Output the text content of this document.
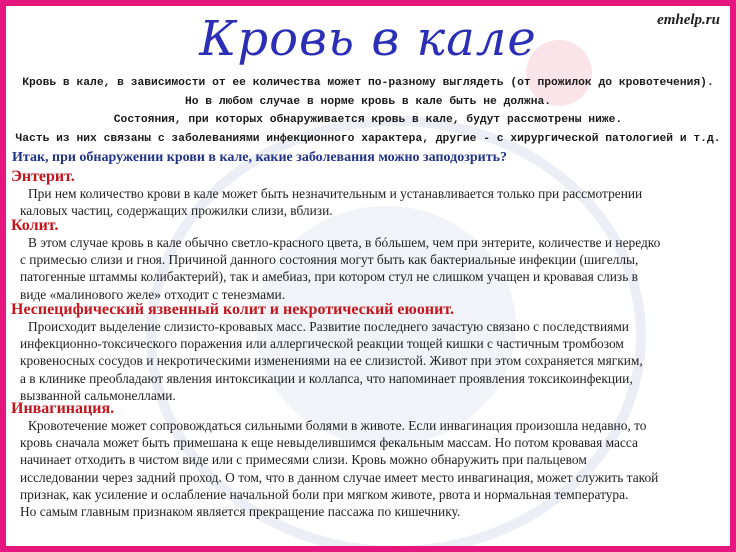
emhelp.ru
Кровь в кале
Кровь в кале, в зависимости от ее количества может по-разному выглядеть (от прожилок до кровотечения).
Но в любом случае в норме кровь в кале быть не должна.
Состояния, при которых обнаруживается кровь в кале, будут рассмотрены ниже.
Часть из них связаны с заболеваниями инфекционного характера, другие - с хирургической патологией и т.д.
Итак, при обнаружении крови в кале, какие заболевания можно заподозрить?
Энтерит.
При нем количество крови в кале может быть незначительным и устанавливается только при рассмотрении
каловых частиц, содержащих прожилки слизи, вблизи.
Колит.
В этом случае кровь в кале обычно светло-красного цвета, в бóльшем, чем при энтерите, количестве и нередко
с примесью слизи и гноя. Причиной данного состояния могут быть как бактериальные инфекции (шигеллы,
патогенные штаммы колибактерий), так и амебиаз, при котором стул не слишком учащен и кровавая слизь в
виде «малинового желе» отходит с тенезмами.
Неспецифический язвенный колит и некротический еюонит.
Происходит выделение слизисто-кровавых масс. Развитие последнего зачастую связано с последствиями
инфекционно-токсического поражения или аллергической реакции тощей кишки с частичным тромбозом
кровеносных сосудов и некротическими изменениями на ее слизистой. Живот при этом сохраняется мягким,
а в клинике преобладают явления интоксикации и коллапса, что напоминает проявления токсикоинфекции,
вызванной сальмонеллами.
Инвагинация.
Кровотечение может сопровождаться сильными болями в животе. Если инвагинация произошла недавно, то
кровь сначала может быть примешана к еще невыделившимся фекальным массам. Но потом кровавая масса
начинает отходить в чистом виде или с примесями слизи. Кровь можно обнаружить при пальцевом
исследовании через задний проход. О том, что в данном случае имеет место инвагинация, может служить такой
признак, как усиление и ослабление начальной боли при мягком животе, рвота и нормальная температура.
Но самым главным признаком является прекращение пассажа по кишечнику.
